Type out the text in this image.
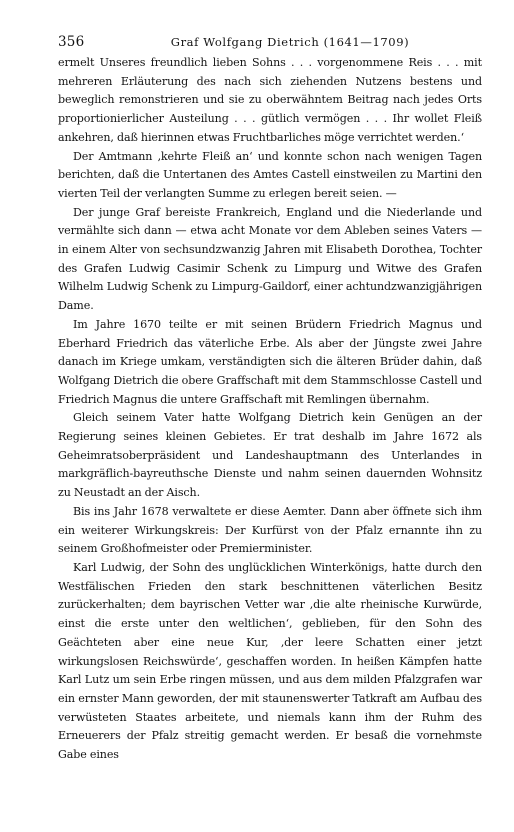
356	Graf Wolfgang Dietrich (1641—1709)

ermelt Unseres freundlich lieben Sohns . . . vorgenommene Reis . . . mit mehreren Erläuterung des nach sich ziehenden Nutzens bestens und beweglich remonstrieren und sie zu oberwähntem Beitrag nach jedes Orts proportionierlicher Austeilung . . . gütlich vermögen . . . Ihr wollet Fleiß ankehren, daß hierinnen etwas Fruchtbarliches möge verrichtet werden.‘

Der Amtmann ‚kehrte Fleiß an‘ und konnte schon nach wenigen Tagen berichten, daß die Untertanen des Amtes Castell einstweilen zu Martini den vierten Teil der verlangten Summe zu erlegen bereit seien. —

Der junge Graf bereiste Frankreich, England und die Niederlande und vermählte sich dann — etwa acht Monate vor dem Ableben seines Vaters — in einem Alter von sechsundzwanzig Jahren mit Elisabeth Dorothea, Tochter des Grafen Ludwig Casimir Schenk zu Limpurg und Witwe des Grafen Wilhelm Ludwig Schenk zu Limpurg-Gaildorf, einer achtundzwanzigjährigen Dame.

Im Jahre 1670 teilte er mit seinen Brüdern Friedrich Magnus und Eberhard Friedrich das väterliche Erbe. Als aber der Jüngste zwei Jahre danach im Kriege umkam, verständigten sich die älteren Brüder dahin, daß Wolfgang Dietrich die obere Graffschaft mit dem Stammschlosse Castell und Friedrich Magnus die untere Graffschaft mit Remlingen übernahm.

Gleich seinem Vater hatte Wolfgang Dietrich kein Genügen an der Regierung seines kleinen Gebietes. Er trat deshalb im Jahre 1672 als Geheimratsoberpräsident und Landeshauptmann des Unterlandes in markgräflich-bayreuthsche Dienste und nahm seinen dauernden Wohnsitz zu Neustadt an der Aisch.

Bis ins Jahr 1678 verwaltete er diese Aemter. Dann aber öffnete sich ihm ein weiterer Wirkungskreis: Der Kurfürst von der Pfalz ernannte ihn zu seinem Großhofmeister oder Premierminister.

Karl Ludwig, der Sohn des unglücklichen Winterkönigs, hatte durch den Westfälischen Frieden den stark beschnittenen väterlichen Besitz zurückerhalten; dem bayrischen Vetter war ‚die alte rheinische Kurwürde, einst die erste unter den weltlichen‘, geblieben, für den Sohn des Geächteten aber eine neue Kur, ‚der leere Schatten einer jetzt wirkungslosen Reichswürde‘, geschaffen worden. In heißen Kämpfen hatte Karl Lutz um sein Erbe ringen müssen, und aus dem milden Pfalzgrafen war ein ernster Mann geworden, der mit staunenswerter Tatkraft am Aufbau des verwüsteten Staates arbeitete, und niemals kann ihm der Ruhm des Erneuerers der Pfalz streitig gemacht werden. Er besaß die vornehmste Gabe eines
